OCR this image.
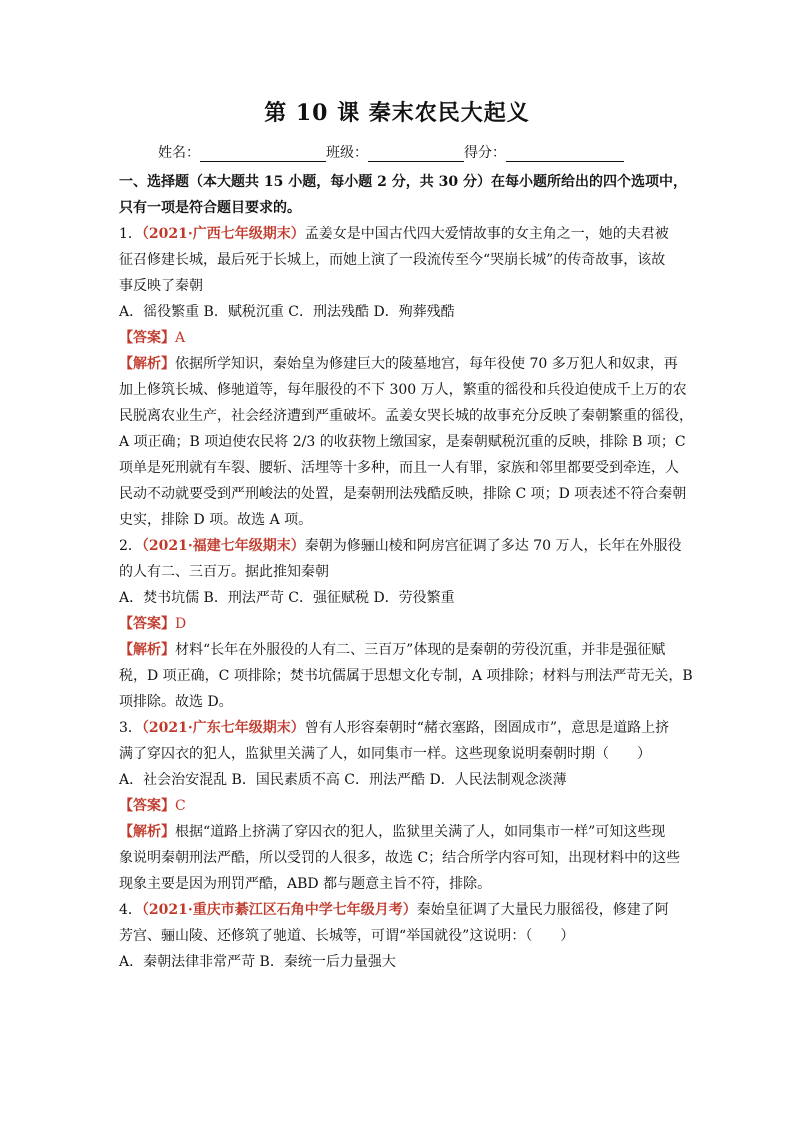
第 10 课 秦末农民大起义
姓名：	班级：	得分：
一、选择题（本大题共 15 小题，每小题 2 分，共 30 分）在每小题所给出的四个选项中，
只有一项是符合题目要求的。
1．（2021·广西七年级期末）孟姜女是中国古代四大爱情故事的女主角之一，她的夫君被
征召修建长城，最后死于长城上，而她上演了一段流传至今“哭崩长城”的传奇故事，该故
事反映了秦朝
A．徭役繁重 B．赋税沉重 C．刑法残酷 D．殉葬残酷
【答案】A
【解析】依据所学知识，秦始皇为修建巨大的陵墓地宫，每年役使 70 多万犯人和奴隶，再
加上修筑长城、修驰道等，每年服役的不下 300 万人，繁重的徭役和兵役迫使成千上万的农
民脱离农业生产，社会经济遭到严重破坏。孟姜女哭长城的故事充分反映了秦朝繁重的徭役，
A 项正确；B 项迫使农民将 2/3 的收获物上缴国家，是秦朝赋税沉重的反映，排除 B 项；C
项单是死刑就有车裂、腰斩、活埋等十多种，而且一人有罪，家族和邻里都要受到牵连，人
民动不动就要受到严刑峻法的处置，是秦朝刑法残酷反映，排除 C 项；D 项表述不符合秦朝
史实，排除 D 项。故选 A 项。
2．（2021·福建七年级期末）秦朝为修骊山棱和阿房宫征调了多达 70 万人，长年在外服役
的人有二、三百万。据此推知秦朝
A．焚书坑儒 B．刑法严苛 C．强征赋税 D．劳役繁重
【答案】D
【解析】材料“长年在外服役的人有二、三百万”体现的是秦朝的劳役沉重，并非是强征赋
税，D 项正确，C 项排除；焚书坑儒属于思想文化专制，A 项排除；材料与刑法严苛无关，B
项排除。故选 D。
3．（2021·广东七年级期末）曾有人形容秦朝时“赭衣塞路，囹圄成市”，意思是道路上挤
满了穿囚衣的犯人，监狱里关满了人，如同集市一样。这些现象说明秦朝时期（　　）
A．社会治安混乱 B．国民素质不高 C．刑法严酷 D．人民法制观念淡薄
【答案】C
【解析】根据“道路上挤满了穿囚衣的犯人，监狱里关满了人，如同集市一样”可知这些现
象说明秦朝刑法严酷，所以受罚的人很多，故选 C；结合所学内容可知，出现材料中的这些
现象主要是因为刑罚严酷，ABD 都与题意主旨不符，排除。
4．（2021·重庆市綦江区石角中学七年级月考）秦始皇征调了大量民力服徭役，修建了阿
芳宫、骊山陵、还修筑了驰道、长城等，可谓“举国就役”这说明：（　　）
A．秦朝法律非常严苛 B．秦统一后力量强大
